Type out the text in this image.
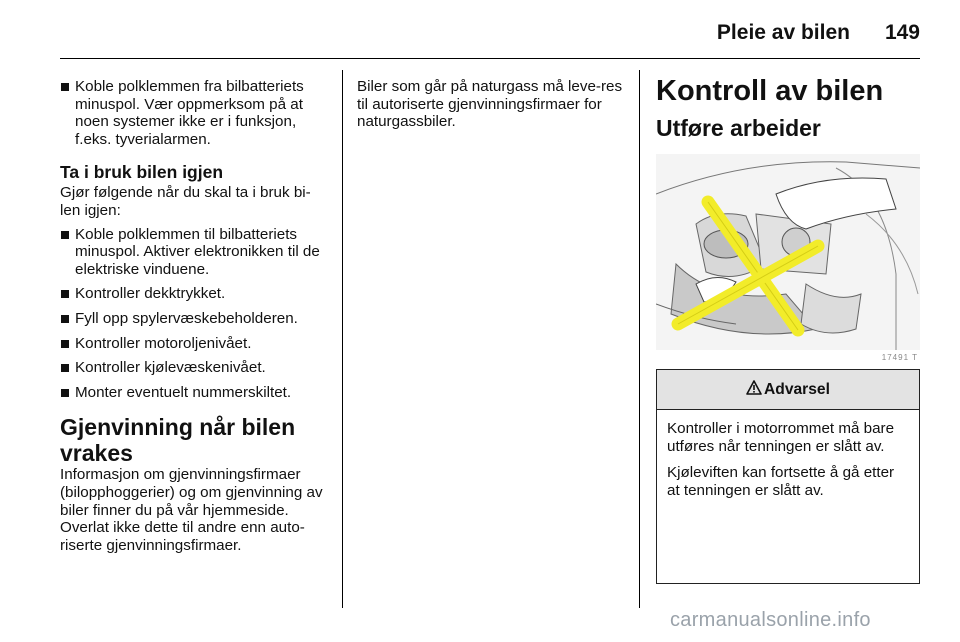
Pleie av bilen 149
Koble polklemmen fra bilbatteriets minuspol. Vær oppmerksom på at noen systemer ikke er i funksjon, f.eks. tyverialarmen.
Ta i bruk bilen igjen
Gjør følgende når du skal ta i bruk bi-len igjen:
Koble polklemmen til bilbatteriets minuspol. Aktiver elektronikken til de elektriske vinduene.
Kontroller dekktrykket.
Fyll opp spylervæskebeholderen.
Kontroller motoroljenivået.
Kontroller kjølevæskenivået.
Monter eventuelt nummerskiltet.
Gjenvinning når bilen vrakes
Informasjon om gjenvinningsfirmaer (bilopphoggerier) og om gjenvinning av biler finner du på vår hjemmeside. Overlat ikke dette til andre enn auto-riserte gjenvinningsfirmaer.
Biler som går på naturgass må leve-res til autoriserte gjenvinningsfirmaer for naturgassbiler.
Kontroll av bilen
Utføre arbeider
17491 T
Advarsel

Kontroller i motorrommet må bare utføres når tenningen er slått av.

Kjøleviften kan fortsette å gå etter at tenningen er slått av.

carmanualsonline.info
